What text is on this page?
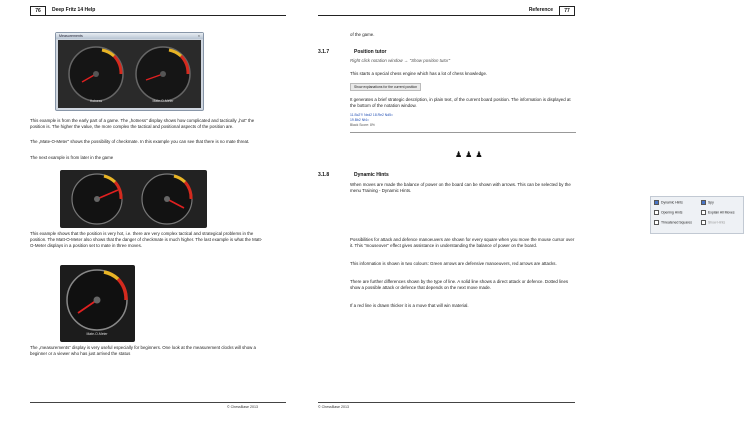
76	Deep Fritz 14 Help
Measurements	×
Hotness	Mate-O-Meter

This example is from the early part of a game. The „hotness“ display shows how complicated and tactically „hot“ the position is. The higher the value, the more complex the tactical and positional aspects of the position are.

The „Mate-O-Meter“ shows the possibility of checkmate. In this example you can see that there is no mate threat.

The next example is from later in the game

This example shows that the position is very hot, i.e. there are very complex tactical and strategical problems in the position. The Matt-O-Meter also shows that the danger of checkmate is much higher. The last example is what the Matt-O-Meter displays in a position set to mate in three moves.

Mate-O-Meter

The „measurements“ display is very useful especially for beginners. One look at the measurement clocks will show a beginner or a viewer who has just arrived the status

© ChessBase 2013
Reference	77

of the game.

3.1.7	Position tutor

Right click notation window → "Show position tutor"

This starts a special chess engine which has a lot of chess knowledge.

Show explanations for the current position

It generates a brief strategic description, in plain text, of the current board position. The information is displayed at the bottom of the notation window.

11.Bc2?! Nxd2 18.Re2 Nd5=
19.Bb2 Nf4=
Black Score: 8%
♟♟♟
3.1.8	Dynamic Hints

When moves are made the balance of power on the board can be shown with arrows. This can be selected by the menu Training - Dynamic Hints.

Dynamic Hints	Spy
Opening Hints	Explain All Moves
Threatened Squares	Show Hints

Possibilities for attack and defence manoeuvers are shown for every square when you move the mouse cursor over it. This "mouseover" effect gives assistance in understanding the balance of power on the board.

This information is shown in two colours: Green arrows are defensive manoeuvers, red arrows are attacks.

There are further differences shown by the type of line. A solid line shows a direct attack or defence. Dotted lines show a possible attack or defence that depends on the next move made.

If a red line is drawn thicker it is a move that will win material.

© ChessBase 2013
